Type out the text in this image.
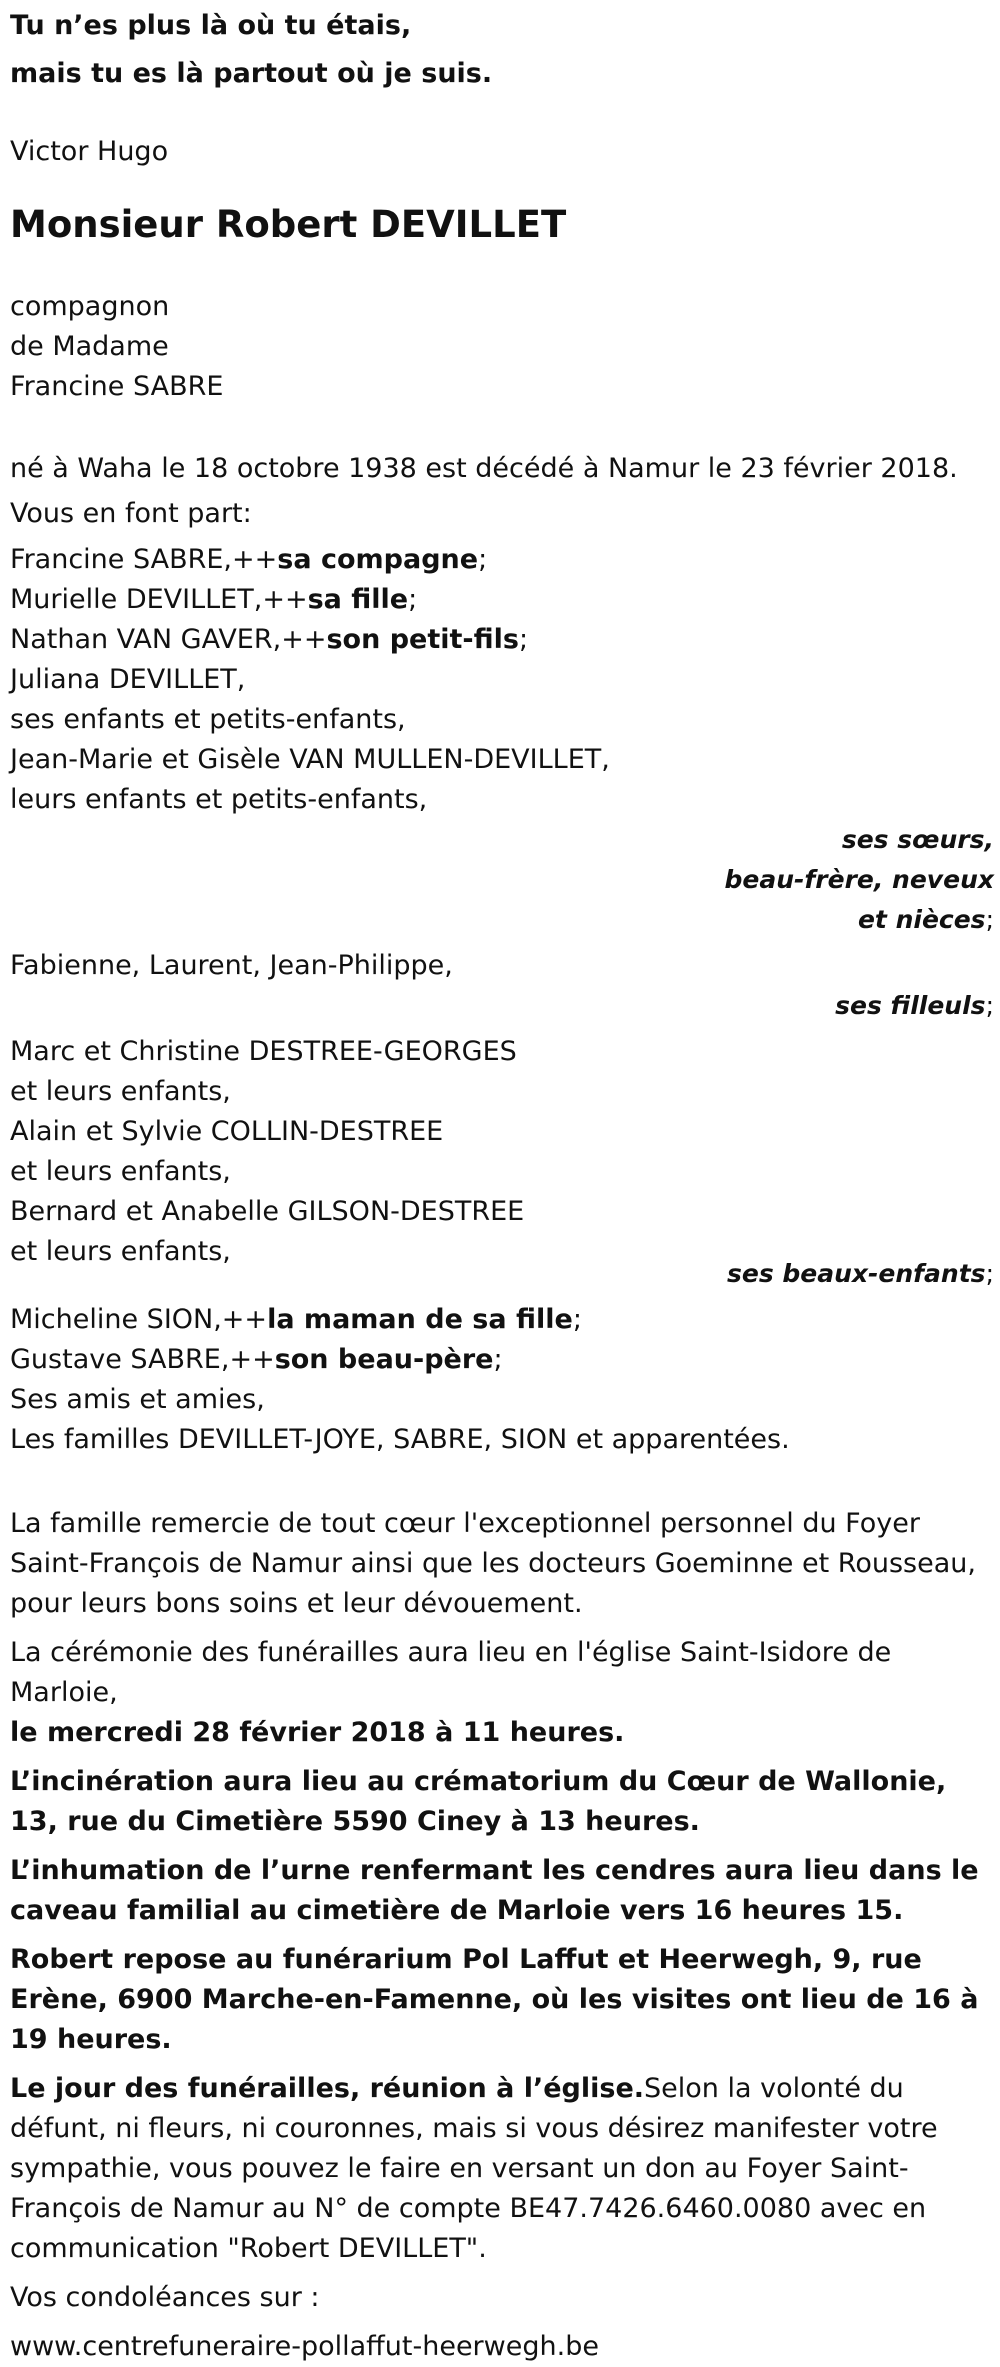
Tu n’es plus là où tu étais,

mais tu es là partout où je suis.

Victor Hugo

Monsieur Robert DEVILLET

compagnon

de Madame

Francine SABRE

né à Waha le 18 octobre 1938 est décédé à Namur le 23 février 2018.

Vous en font part:

Francine SABRE,++sa compagne;

Murielle DEVILLET,++sa fille;

Nathan VAN GAVER,++son petit-fils;

Juliana DEVILLET,

ses enfants et petits-enfants,

Jean-Marie et Gisèle VAN MULLEN-DEVILLET,

leurs enfants et petits-enfants,

ses sœurs,

beau-frère, neveux

et nièces;

Fabienne, Laurent, Jean-Philippe,

ses filleuls;

Marc et Christine DESTREE-GEORGES

et leurs enfants,

Alain et Sylvie COLLIN-DESTREE

et leurs enfants,

Bernard et Anabelle GILSON-DESTREE

et leurs enfants,

ses beaux-enfants;

Micheline SION,++la maman de sa fille;

Gustave SABRE,++son beau-père;

Ses amis et amies,

Les familles DEVILLET-JOYE, SABRE, SION et apparentées.

La famille remercie de tout cœur l'exceptionnel personnel du Foyer Saint-François de Namur ainsi que les docteurs Goeminne et Rousseau, pour leurs bons soins et leur dévouement.

La cérémonie des funérailles aura lieu en l'église Saint-Isidore de Marloie,
le mercredi 28 février 2018 à 11 heures.

L’incinération aura lieu au crématorium du Cœur de Wallonie, 13, rue du Cimetière 5590 Ciney à 13 heures.

L’inhumation de l’urne renfermant les cendres aura lieu dans le caveau familial au cimetière de Marloie vers 16 heures 15.

Robert repose au funérarium Pol Laffut et Heerwegh, 9, rue Erène, 6900 Marche-en-Famenne, où les visites ont lieu de 16 à 19 heures.

Le jour des funérailles, réunion à l’église.Selon la volonté du défunt, ni fleurs, ni couronnes, mais si vous désirez manifester votre sympathie, vous pouvez le faire en versant un don au Foyer Saint-François de Namur au N° de compte BE47.7426.6460.0080 avec en communication "Robert DEVILLET".

Vos condoléances sur :

www.centrefuneraire-pollaffut-heerwegh.be
